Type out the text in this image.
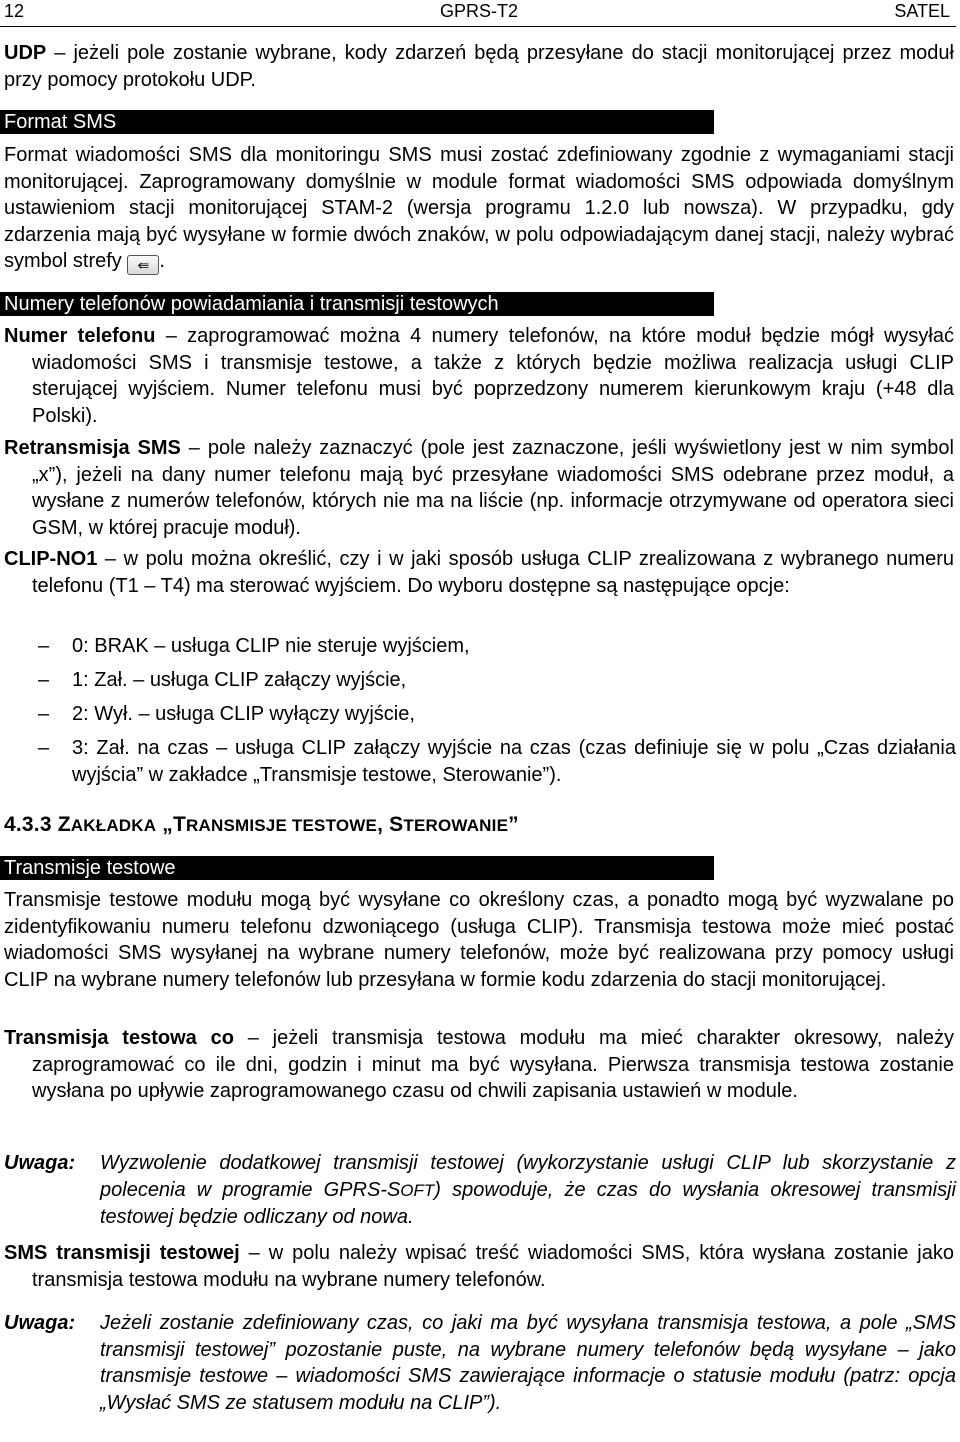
12	GPRS-T2	SATEL

UDP – jeżeli pole zostanie wybrane, kody zdarzeń będą przesyłane do stacji monitorującej przez moduł przy pomocy protokołu UDP.

Format SMS

Format wiadomości SMS dla monitoringu SMS musi zostać zdefiniowany zgodnie z wymaganiami stacji monitorującej. Zaprogramowany domyślnie w module format wiadomości SMS odpowiada domyślnym ustawieniom stacji monitorującej STAM-2 (wersja programu 1.2.0 lub nowsza). W przypadku, gdy zdarzenia mają być wysyłane w formie dwóch znaków, w polu odpowiadającym danej stacji, należy wybrać symbol strefy ⇚ .

Numery telefonów powiadamiania i transmisji testowych

Numer telefonu – zaprogramować można 4 numery telefonów, na które moduł będzie mógł wysyłać wiadomości SMS i transmisje testowe, a także z których będzie możliwa realizacja usługi CLIP sterującej wyjściem. Numer telefonu musi być poprzedzony numerem kierunkowym kraju (+48 dla Polski).

Retransmisja SMS – pole należy zaznaczyć (pole jest zaznaczone, jeśli wyświetlony jest w nim symbol „x”), jeżeli na dany numer telefonu mają być przesyłane wiadomości SMS odebrane przez moduł, a wysłane z numerów telefonów, których nie ma na liście (np. informacje otrzymywane od operatora sieci GSM, w której pracuje moduł).

CLIP-NO1 – w polu można określić, czy i w jaki sposób usługa CLIP zrealizowana z wybranego numeru telefonu (T1 – T4) ma sterować wyjściem. Do wyboru dostępne są następujące opcje:

– 0: BRAK – usługa CLIP nie steruje wyjściem,
– 1: Zał. – usługa CLIP załączy wyjście,
– 2: Wył. – usługa CLIP wyłączy wyjście,
– 3: Zał. na czas – usługa CLIP załączy wyjście na czas (czas definiuje się w polu „Czas działania wyjścia” w zakładce „Transmisje testowe, Sterowanie”).
4.3.3 ZAKŁADKA „TRANSMISJE TESTOWE, STEROWANIE”
Transmisje testowe

Transmisje testowe modułu mogą być wysyłane co określony czas, a ponadto mogą być wyzwalane po zidentyfikowaniu numeru telefonu dzwoniącego (usługa CLIP). Transmisja testowa może mieć postać wiadomości SMS wysyłanej na wybrane numery telefonów, może być realizowana przy pomocy usługi CLIP na wybrane numery telefonów lub przesyłana w formie kodu zdarzenia do stacji monitorującej.

Transmisja testowa co – jeżeli transmisja testowa modułu ma mieć charakter okresowy, należy zaprogramować co ile dni, godzin i minut ma być wysyłana. Pierwsza transmisja testowa zostanie wysłana po upływie zaprogramowanego czasu od chwili zapisania ustawień w module.

Uwaga: Wyzwolenie dodatkowej transmisji testowej (wykorzystanie usługi CLIP lub skorzystanie z polecenia w programie GPRS-SOFT) spowoduje, że czas do wysłania okresowej transmisji testowej będzie odliczany od nowa.

SMS transmisji testowej – w polu należy wpisać treść wiadomości SMS, która wysłana zostanie jako transmisja testowa modułu na wybrane numery telefonów.

Uwaga: Jeżeli zostanie zdefiniowany czas, co jaki ma być wysyłana transmisja testowa, a pole „SMS transmisji testowej” pozostanie puste, na wybrane numery telefonów będą wysyłane – jako transmisje testowe – wiadomości SMS zawierające informacje o statusie modułu (patrz: opcja „Wysłać SMS ze statusem modułu na CLIP”).
